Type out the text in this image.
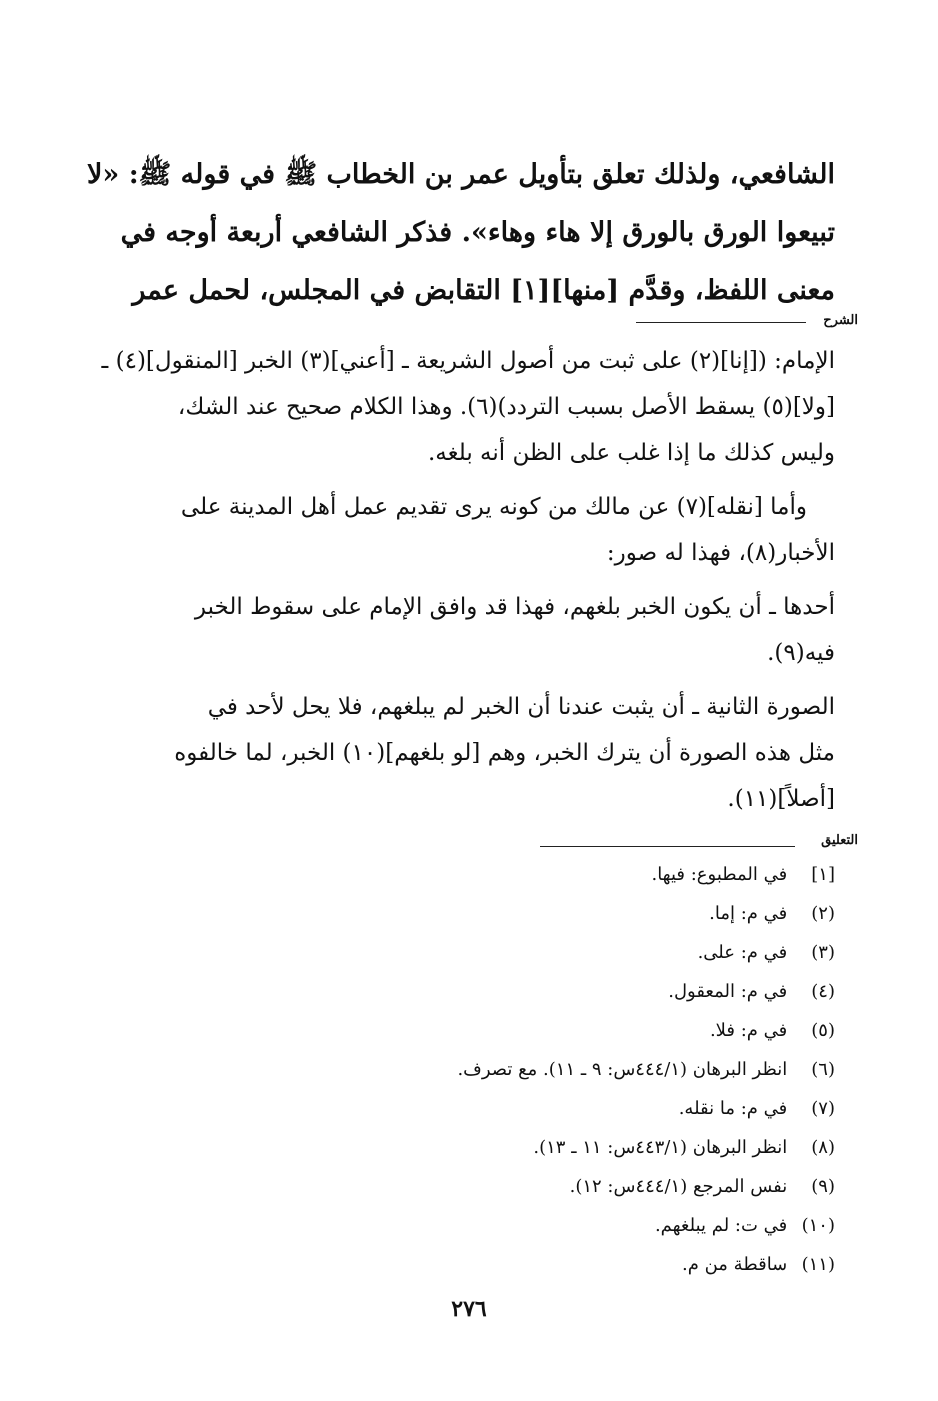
الشافعي، ولذلك تعلق بتأويل عمر بن الخطاب ﷺ في قوله ﷺ: «لا
تبيعوا الورق بالورق إلا هاء وهاء». فذكر الشافعي أربعة أوجه في
معنى اللفظ، وقدَّم [منها][١] التقابض في المجلس، لحمل عمر
الشرح
الإمام: ([إنا](٢) على ثبت من أصول الشريعة ـ [أعني](٣) الخبر [المنقول](٤) ـ
[ولا](٥) يسقط الأصل بسبب التردد)(٦). وهذا الكلام صحيح عند الشك،
وليس كذلك ما إذا غلب على الظن أنه بلغه.
وأما [نقله](٧) عن مالك من كونه يرى تقديم عمل أهل المدينة على
الأخبار(٨)، فهذا له صور:
أحدها ـ أن يكون الخبر بلغهم، فهذا قد وافق الإمام على سقوط الخبر
فيه(٩).
الصورة الثانية ـ أن يثبت عندنا أن الخبر لم يبلغهم، فلا يحل لأحد في
مثل هذه الصورة أن يترك الخبر، وهم [لو بلغهم](١٠) الخبر، لما خالفوه
[أصلاً](١١).
التعليق
[١] في المطبوع: فيها.
(٢) في م: إما.
(٣) في م: على.
(٤) في م: المعقول.
(٥) في م: فلا.
(٦) انظر البرهان (٤٤٤/١س: ٩ ـ ١١). مع تصرف.
(٧) في م: ما نقله.
(٨) انظر البرهان (٤٤٣/١س: ١١ ـ ١٣).
(٩) نفس المرجع (٤٤٤/١س: ١٢).
(١٠) في ت: لم يبلغهم.
(١١) ساقطة من م.
٢٧٦
